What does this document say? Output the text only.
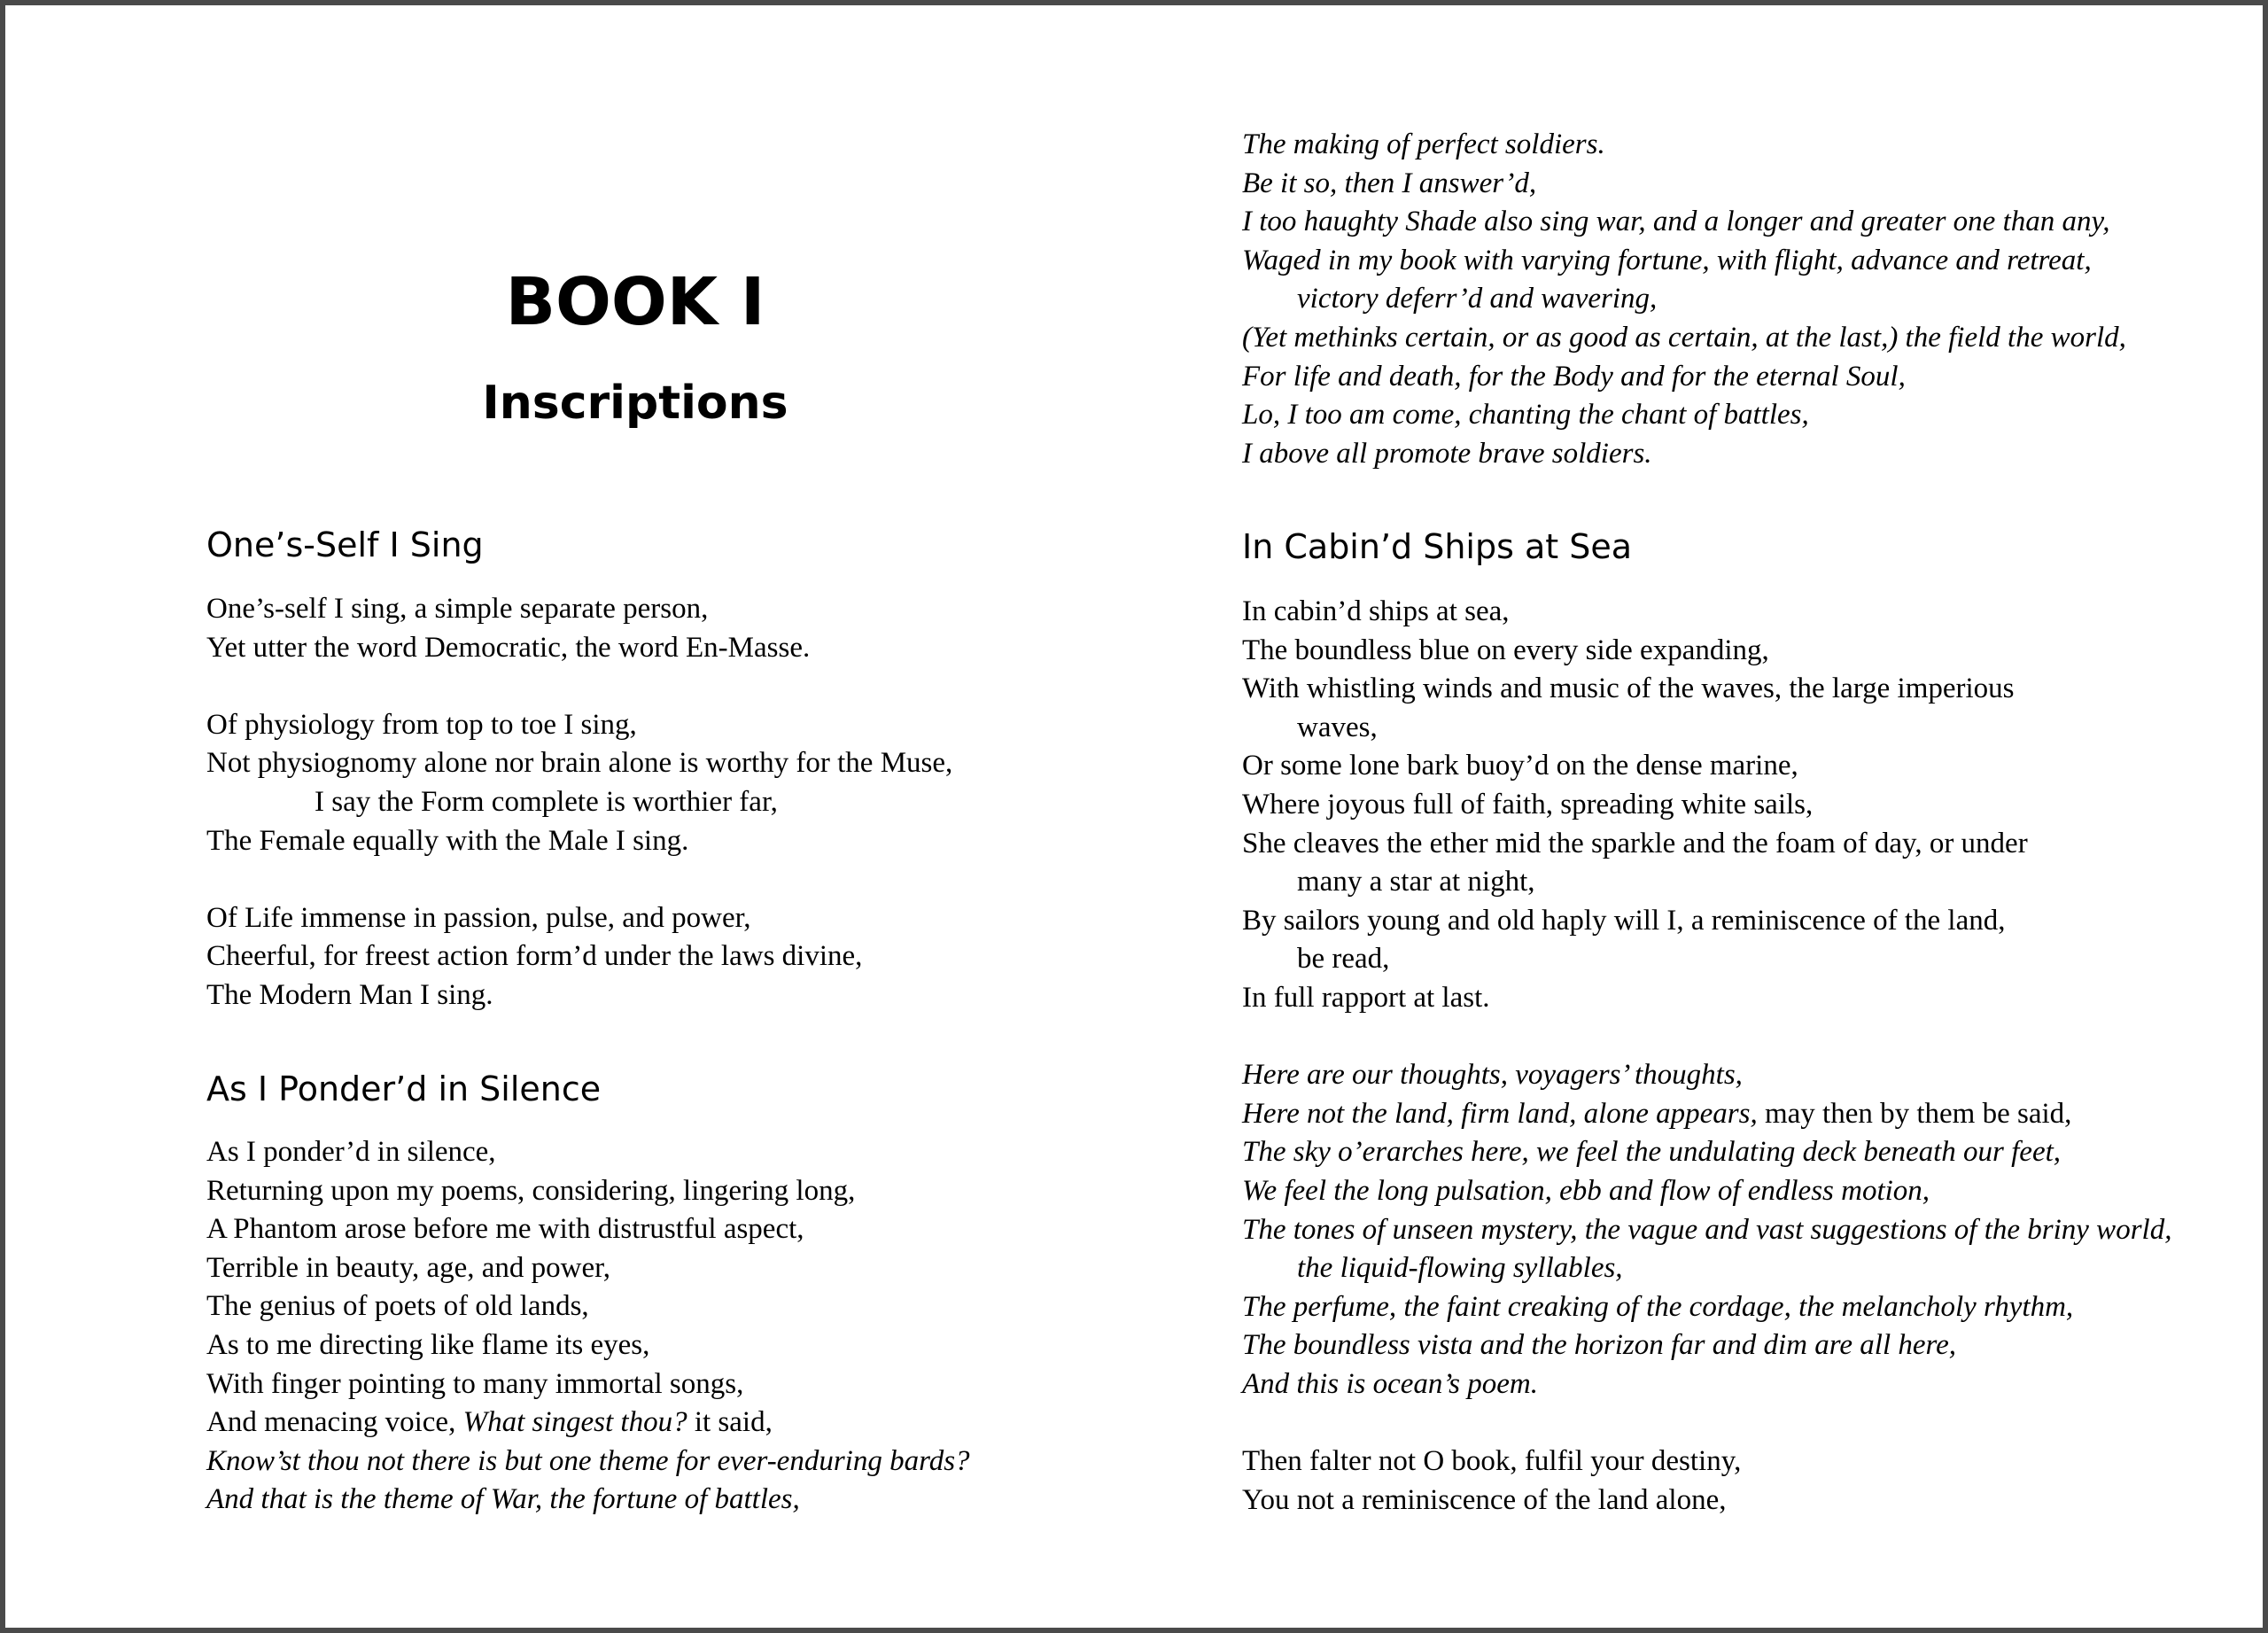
BOOK I
Inscriptions
One’s-Self I Sing
One’s-self I sing, a simple separate person,
Yet utter the word Democratic, the word En-Masse.
Of physiology from top to toe I sing,
Not physiognomy alone nor brain alone is worthy for the Muse,
I say the Form complete is worthier far,
The Female equally with the Male I sing.
Of Life immense in passion, pulse, and power,
Cheerful, for freest action form’d under the laws divine,
The Modern Man I sing.
As I Ponder’d in Silence
As I ponder’d in silence,
Returning upon my poems, considering, lingering long,
A Phantom arose before me with distrustful aspect,
Terrible in beauty, age, and power,
The genius of poets of old lands,
As to me directing like flame its eyes,
With finger pointing to many immortal songs,
And menacing voice, What singest thou? it said,
Know’st thou not there is but one theme for ever-enduring bards?
And that is the theme of War, the fortune of battles,
The making of perfect soldiers.
Be it so, then I answer’d,
I too haughty Shade also sing war, and a longer and greater one than any,
Waged in my book with varying fortune, with flight, advance and retreat,
victory deferr’d and wavering,
(Yet methinks certain, or as good as certain, at the last,) the field the world,
For life and death, for the Body and for the eternal Soul,
Lo, I too am come, chanting the chant of battles,
I above all promote brave soldiers.
In Cabin’d Ships at Sea
In cabin’d ships at sea,
The boundless blue on every side expanding,
With whistling winds and music of the waves, the large imperious
waves,
Or some lone bark buoy’d on the dense marine,
Where joyous full of faith, spreading white sails,
She cleaves the ether mid the sparkle and the foam of day, or under
many a star at night,
By sailors young and old haply will I, a reminiscence of the land,
be read,
In full rapport at last.
Here are our thoughts, voyagers’ thoughts,
Here not the land, firm land, alone appears, may then by them be said,
The sky o’erarches here, we feel the undulating deck beneath our feet,
We feel the long pulsation, ebb and flow of endless motion,
The tones of unseen mystery, the vague and vast suggestions of the briny world,
the liquid-flowing syllables,
The perfume, the faint creaking of the cordage, the melancholy rhythm,
The boundless vista and the horizon far and dim are all here,
And this is ocean’s poem.
Then falter not O book, fulfil your destiny,
You not a reminiscence of the land alone,
